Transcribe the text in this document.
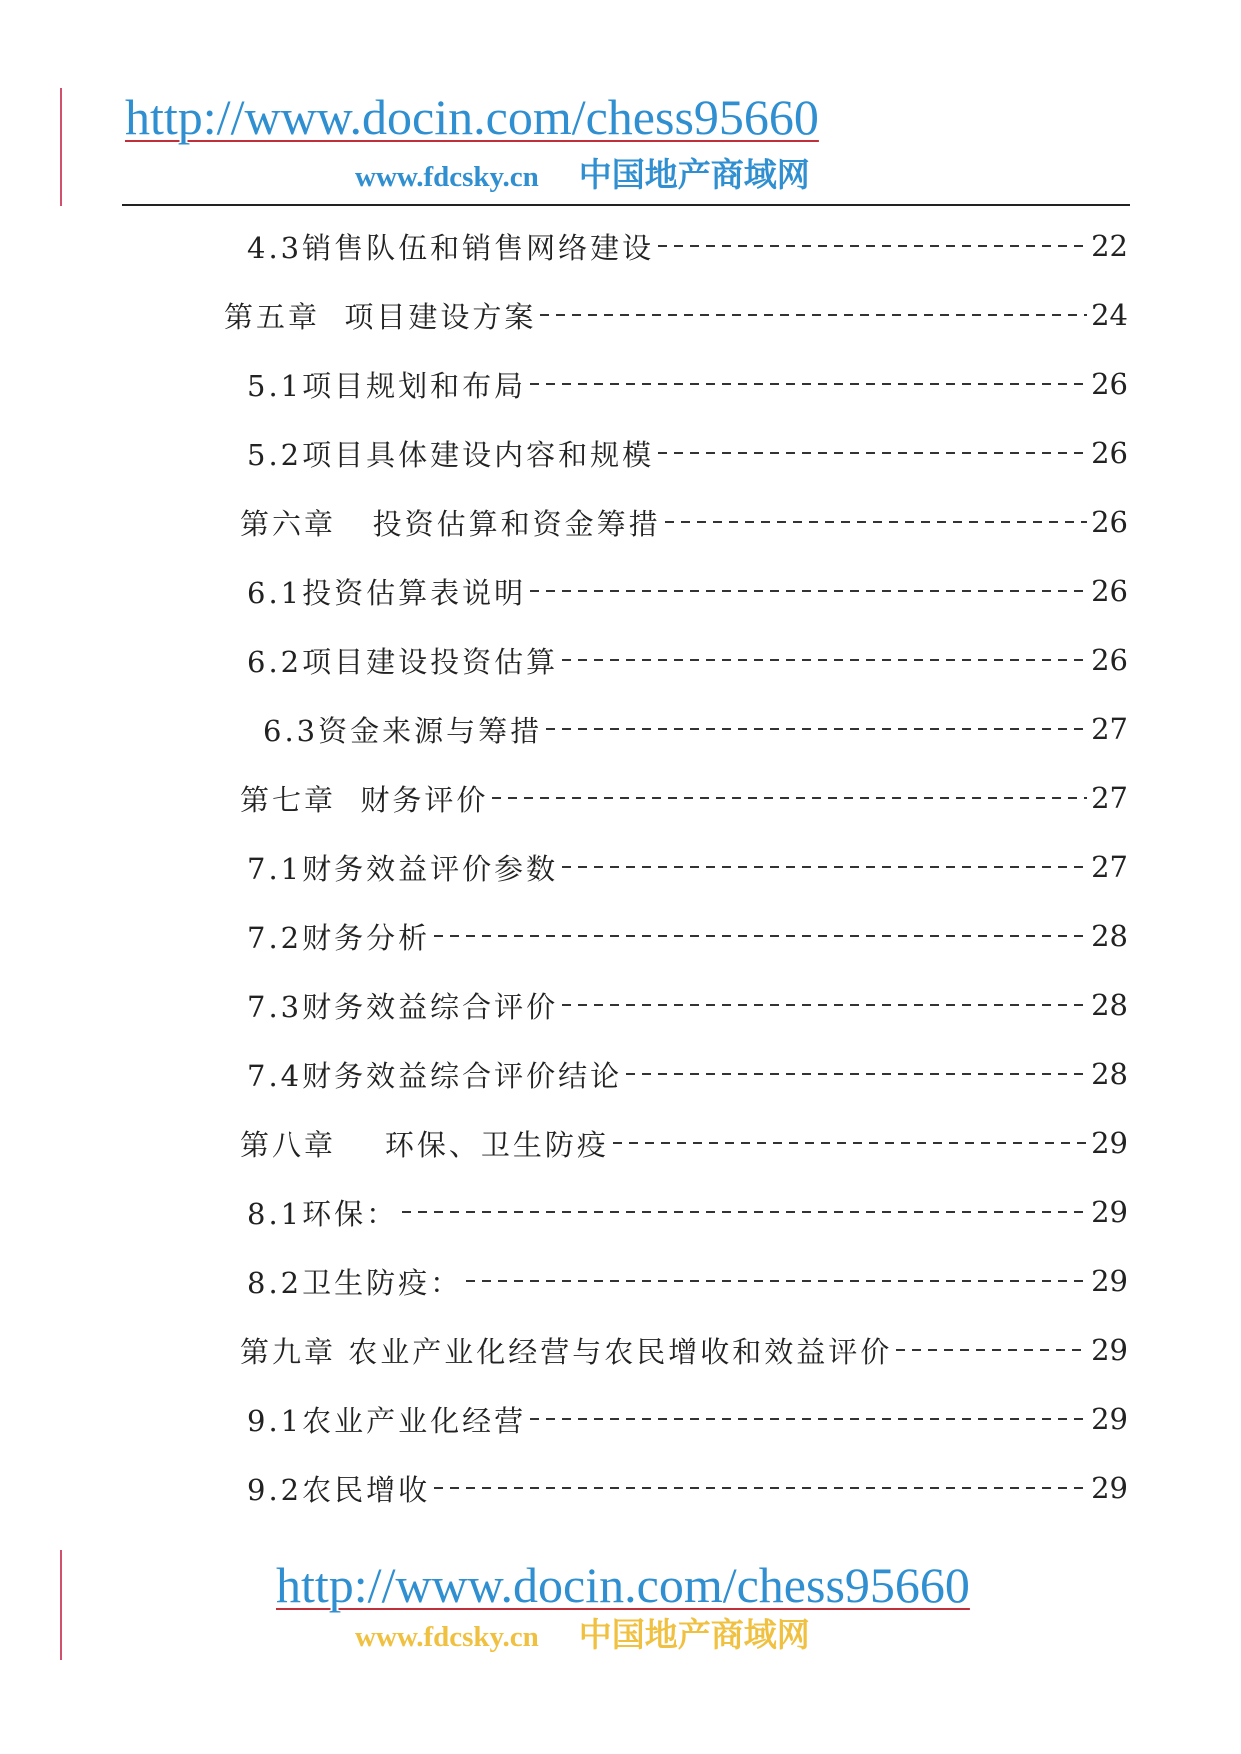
http://www.docin.com/chess95660
www.fdcsky.cn 中国地产商域网
4.3销售队伍和销售网络建设	22
第五章  项目建设方案	24
5.1项目规划和布局	26
5.2项目具体建设内容和规模	26
第六章   投资估算和资金筹措	26
6.1投资估算表说明	26
6.2项目建设投资估算	26
6.3资金来源与筹措	27
第七章  财务评价	27
7.1财务效益评价参数	27
7.2财务分析	28
7.3财务效益综合评价	28
7.4财务效益综合评价结论	28
第八章    环保、卫生防疫	29
8.1环保：	29
8.2卫生防疫：	29
第九章 农业产业化经营与农民增收和效益评价	29
9.1农业产业化经营	29
9.2农民增收	29
http://www.docin.com/chess95660
www.fdcsky.cn 中国地产商域网
